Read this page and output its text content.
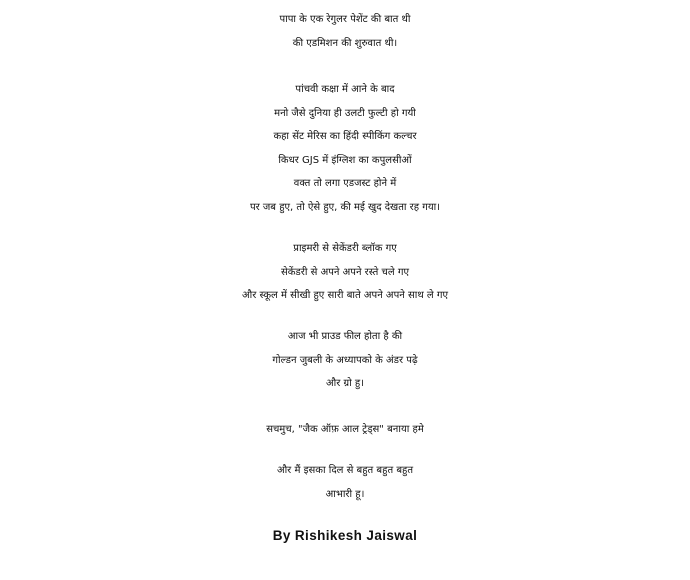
पापा के एक रेगुलर पेशेंट की बात थी
की एडमिशन की शुरुवात थी।
पांचवी कक्षा में आने के बाद
मनो जैसे दुनिया ही उलटी फुल्टी हो गयी
कहा सेंट मेरिस का हिंदी स्पीकिंग कल्चर
किधर GJS में इंग्लिश का कपुलसीओं
वक्त तो लगा एडजस्ट होने में
पर जब हुए, तो ऐसे हुए, की मई खुद देखता रह गया।
प्राइमरी से सेकेंडरी ब्लॉक गए
सेकेंडरी से अपने अपने रस्ते चले गए
और स्कूल में सीखी हुए सारी बाते अपने अपने साथ ले गए
आज भी प्राउड फील होता है की
गोल्डन जुबली के अध्यापको के अंडर पढ़े
और ग्रो हु।
सचमुच, "जैक ऑफ़ आल ट्रेड्स" बनाया हमे
और मैं इसका दिल से बहुत बहुत बहुत
आभारी हू।
By Rishikesh Jaiswal
